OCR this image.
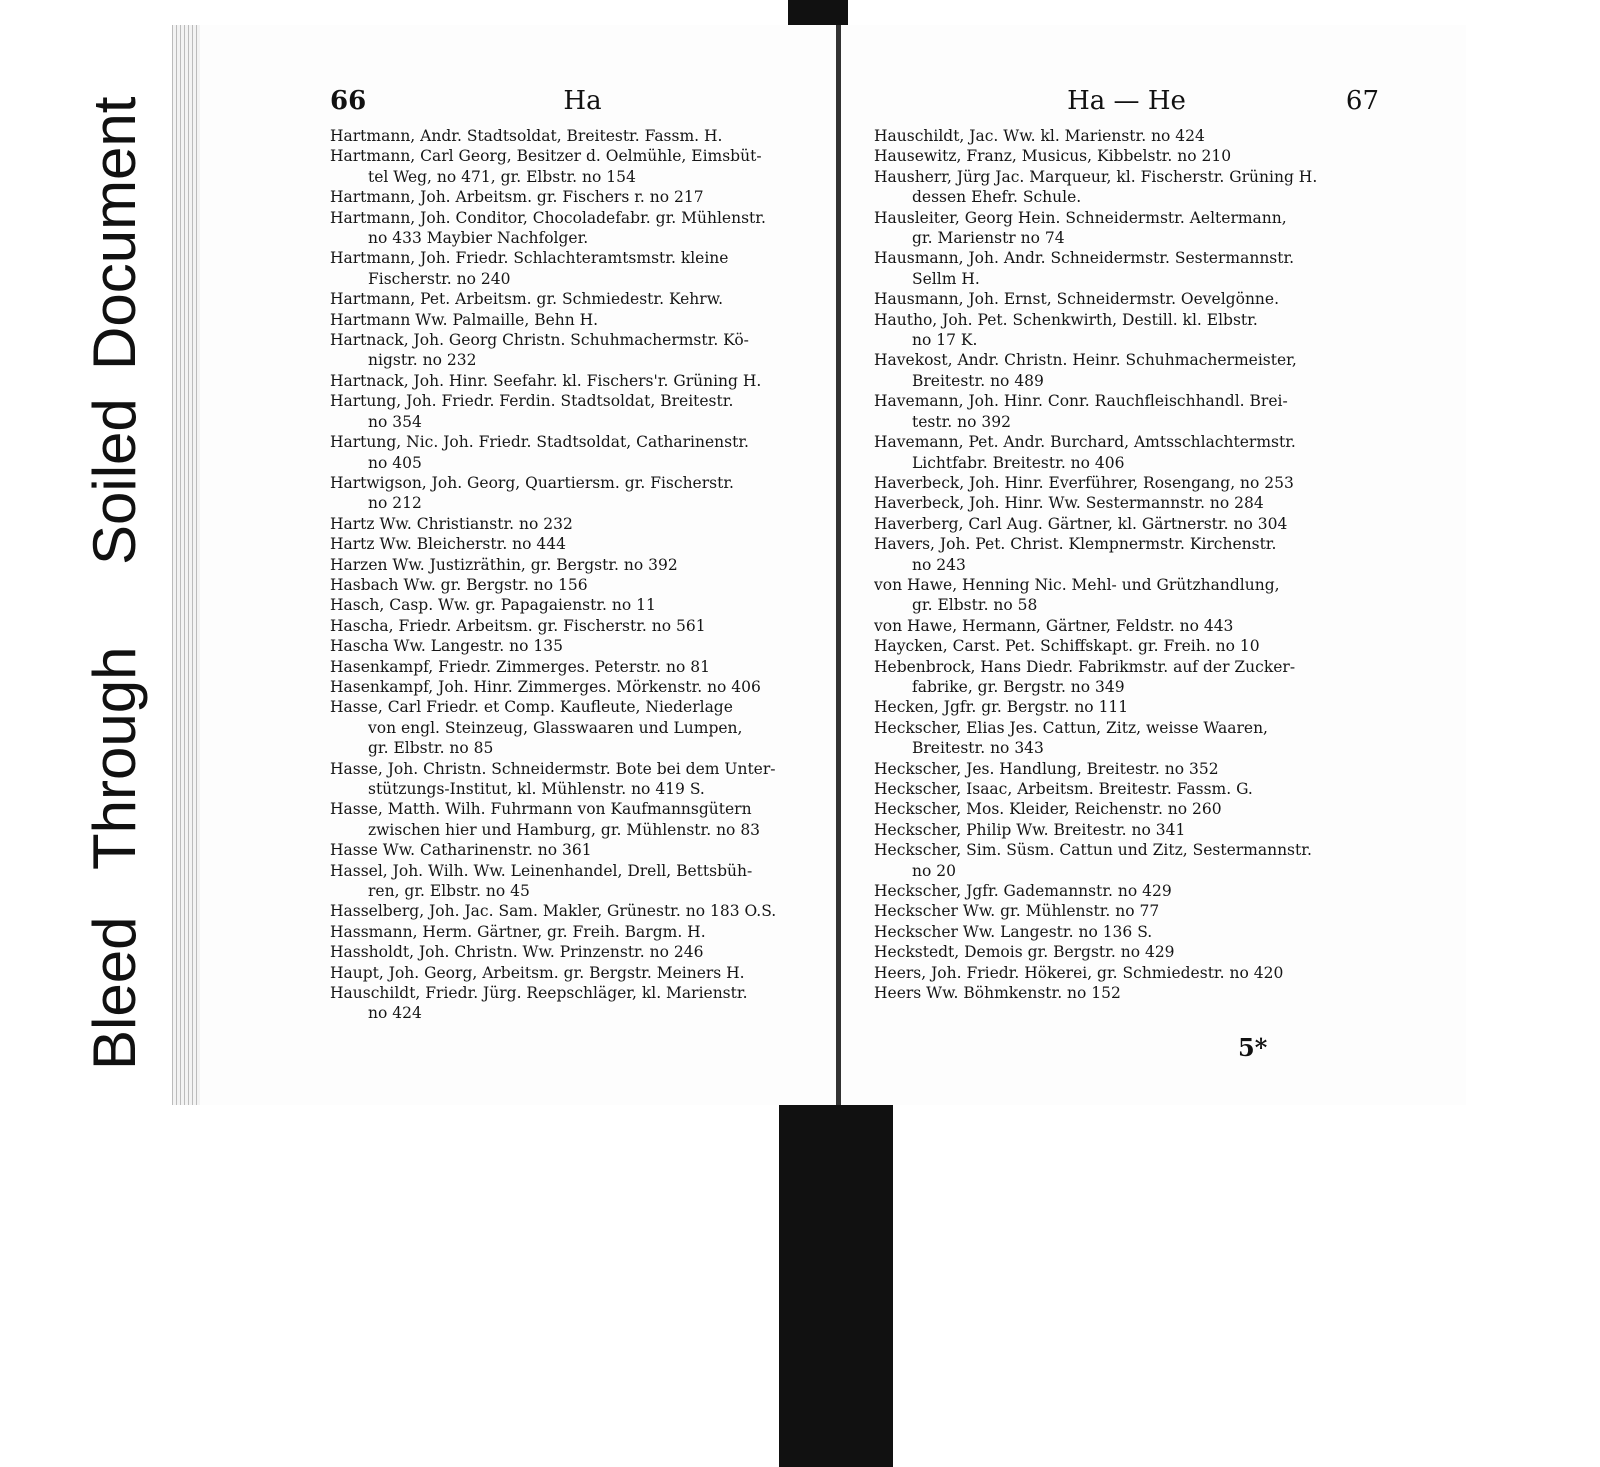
Bleed
Through
Soiled
Document	66	Ha
Hartmann, Andr. Stadtsoldat, Breitestr. Fassm. H.
Hartmann, Carl Georg, Besitzer d. Oelmühle, Eimsbüt-
tel Weg, no 471, gr. Elbstr. no 154
Hartmann, Joh. Arbeitsm. gr. Fischers r. no 217
Hartmann, Joh. Conditor, Chocoladefabr. gr. Mühlenstr.
no 433 Maybier Nachfolger.
Hartmann, Joh. Friedr. Schlachteramtsmstr. kleine
Fischerstr. no 240
Hartmann, Pet. Arbeitsm. gr. Schmiedestr. Kehrw.
Hartmann Ww. Palmaille, Behn H.
Hartnack, Joh. Georg Christn. Schuhmachermstr. Kö-
nigstr. no 232
Hartnack, Joh. Hinr. Seefahr. kl. Fischers'r. Grüning H.
Hartung, Joh. Friedr. Ferdin. Stadtsoldat, Breitestr.
no 354
Hartung, Nic. Joh. Friedr. Stadtsoldat, Catharinenstr.
no 405
Hartwigson, Joh. Georg, Quartiersm. gr. Fischerstr.
no 212
Hartz Ww. Christianstr. no 232
Hartz Ww. Bleicherstr. no 444
Harzen Ww. Justizräthin, gr. Bergstr. no 392
Hasbach Ww. gr. Bergstr. no 156
Hasch, Casp. Ww. gr. Papagaienstr. no 11
Hascha, Friedr. Arbeitsm. gr. Fischerstr. no 561
Hascha Ww. Langestr. no 135
Hasenkampf, Friedr. Zimmerges. Peterstr. no 81
Hasenkampf, Joh. Hinr. Zimmerges. Mörkenstr. no 406
Hasse, Carl Friedr. et Comp. Kaufleute, Niederlage
von engl. Steinzeug, Glasswaaren und Lumpen,
gr. Elbstr. no 85
Hasse, Joh. Christn. Schneidermstr. Bote bei dem Unter-
stützungs-Institut, kl. Mühlenstr. no 419 S.
Hasse, Matth. Wilh. Fuhrmann von Kaufmannsgütern
zwischen hier und Hamburg, gr. Mühlenstr. no 83
Hasse Ww. Catharinenstr. no 361
Hassel, Joh. Wilh. Ww. Leinenhandel, Drell, Bettsbüh-
ren, gr. Elbstr. no 45
Hasselberg, Joh. Jac. Sam. Makler, Grünestr. no 183 O.S.
Hassmann, Herm. Gärtner, gr. Freih. Bargm. H.
Hassholdt, Joh. Christn. Ww. Prinzenstr. no 246
Haupt, Joh. Georg, Arbeitsm. gr. Bergstr. Meiners H.
Hauschildt, Friedr. Jürg. Reepschläger, kl. Marienstr.
no 424
Ha — He	67
Hauschildt, Jac. Ww. kl. Marienstr. no 424
Hausewitz, Franz, Musicus, Kibbelstr. no 210
Hausherr, Jürg Jac. Marqueur, kl. Fischerstr. Grüning H.
dessen Ehefr. Schule.
Hausleiter, Georg Hein. Schneidermstr. Aeltermann,
gr. Marienstr no 74
Hausmann, Joh. Andr. Schneidermstr. Sestermannstr.
Sellm H.
Hausmann, Joh. Ernst, Schneidermstr. Oevelgönne.
Hautho, Joh. Pet. Schenkwirth, Destill. kl. Elbstr.
no 17 K.
Havekost, Andr. Christn. Heinr. Schuhmachermeister,
Breitestr. no 489
Havemann, Joh. Hinr. Conr. Rauchfleischhandl. Brei-
testr. no 392
Havemann, Pet. Andr. Burchard, Amtsschlachtermstr.
Lichtfabr. Breitestr. no 406
Haverbeck, Joh. Hinr. Everführer, Rosengang, no 253
Haverbeck, Joh. Hinr. Ww. Sestermannstr. no 284
Haverberg, Carl Aug. Gärtner, kl. Gärtnerstr. no 304
Havers, Joh. Pet. Christ. Klempnermstr. Kirchenstr.
no 243
von Hawe, Henning Nic. Mehl- und Grützhandlung,
gr. Elbstr. no 58
von Hawe, Hermann, Gärtner, Feldstr. no 443
Haycken, Carst. Pet. Schiffskapt. gr. Freih. no 10
Hebenbrock, Hans Diedr. Fabrikmstr. auf der Zucker-
fabrike, gr. Bergstr. no 349
Hecken, Jgfr. gr. Bergstr. no 111
Heckscher, Elias Jes. Cattun, Zitz, weisse Waaren,
Breitestr. no 343
Heckscher, Jes. Handlung, Breitestr. no 352
Heckscher, Isaac, Arbeitsm. Breitestr. Fassm. G.
Heckscher, Mos. Kleider, Reichenstr. no 260
Heckscher, Philip Ww. Breitestr. no 341
Heckscher, Sim. Süsm. Cattun und Zitz, Sestermannstr.
no 20
Heckscher, Jgfr. Gademannstr. no 429
Heckscher Ww. gr. Mühlenstr. no 77
Heckscher Ww. Langestr. no 136 S.
Heckstedt, Demois gr. Bergstr. no 429
Heers, Joh. Friedr. Hökerei, gr. Schmiedestr. no 420
Heers Ww. Böhmkenstr. no 152
5*
